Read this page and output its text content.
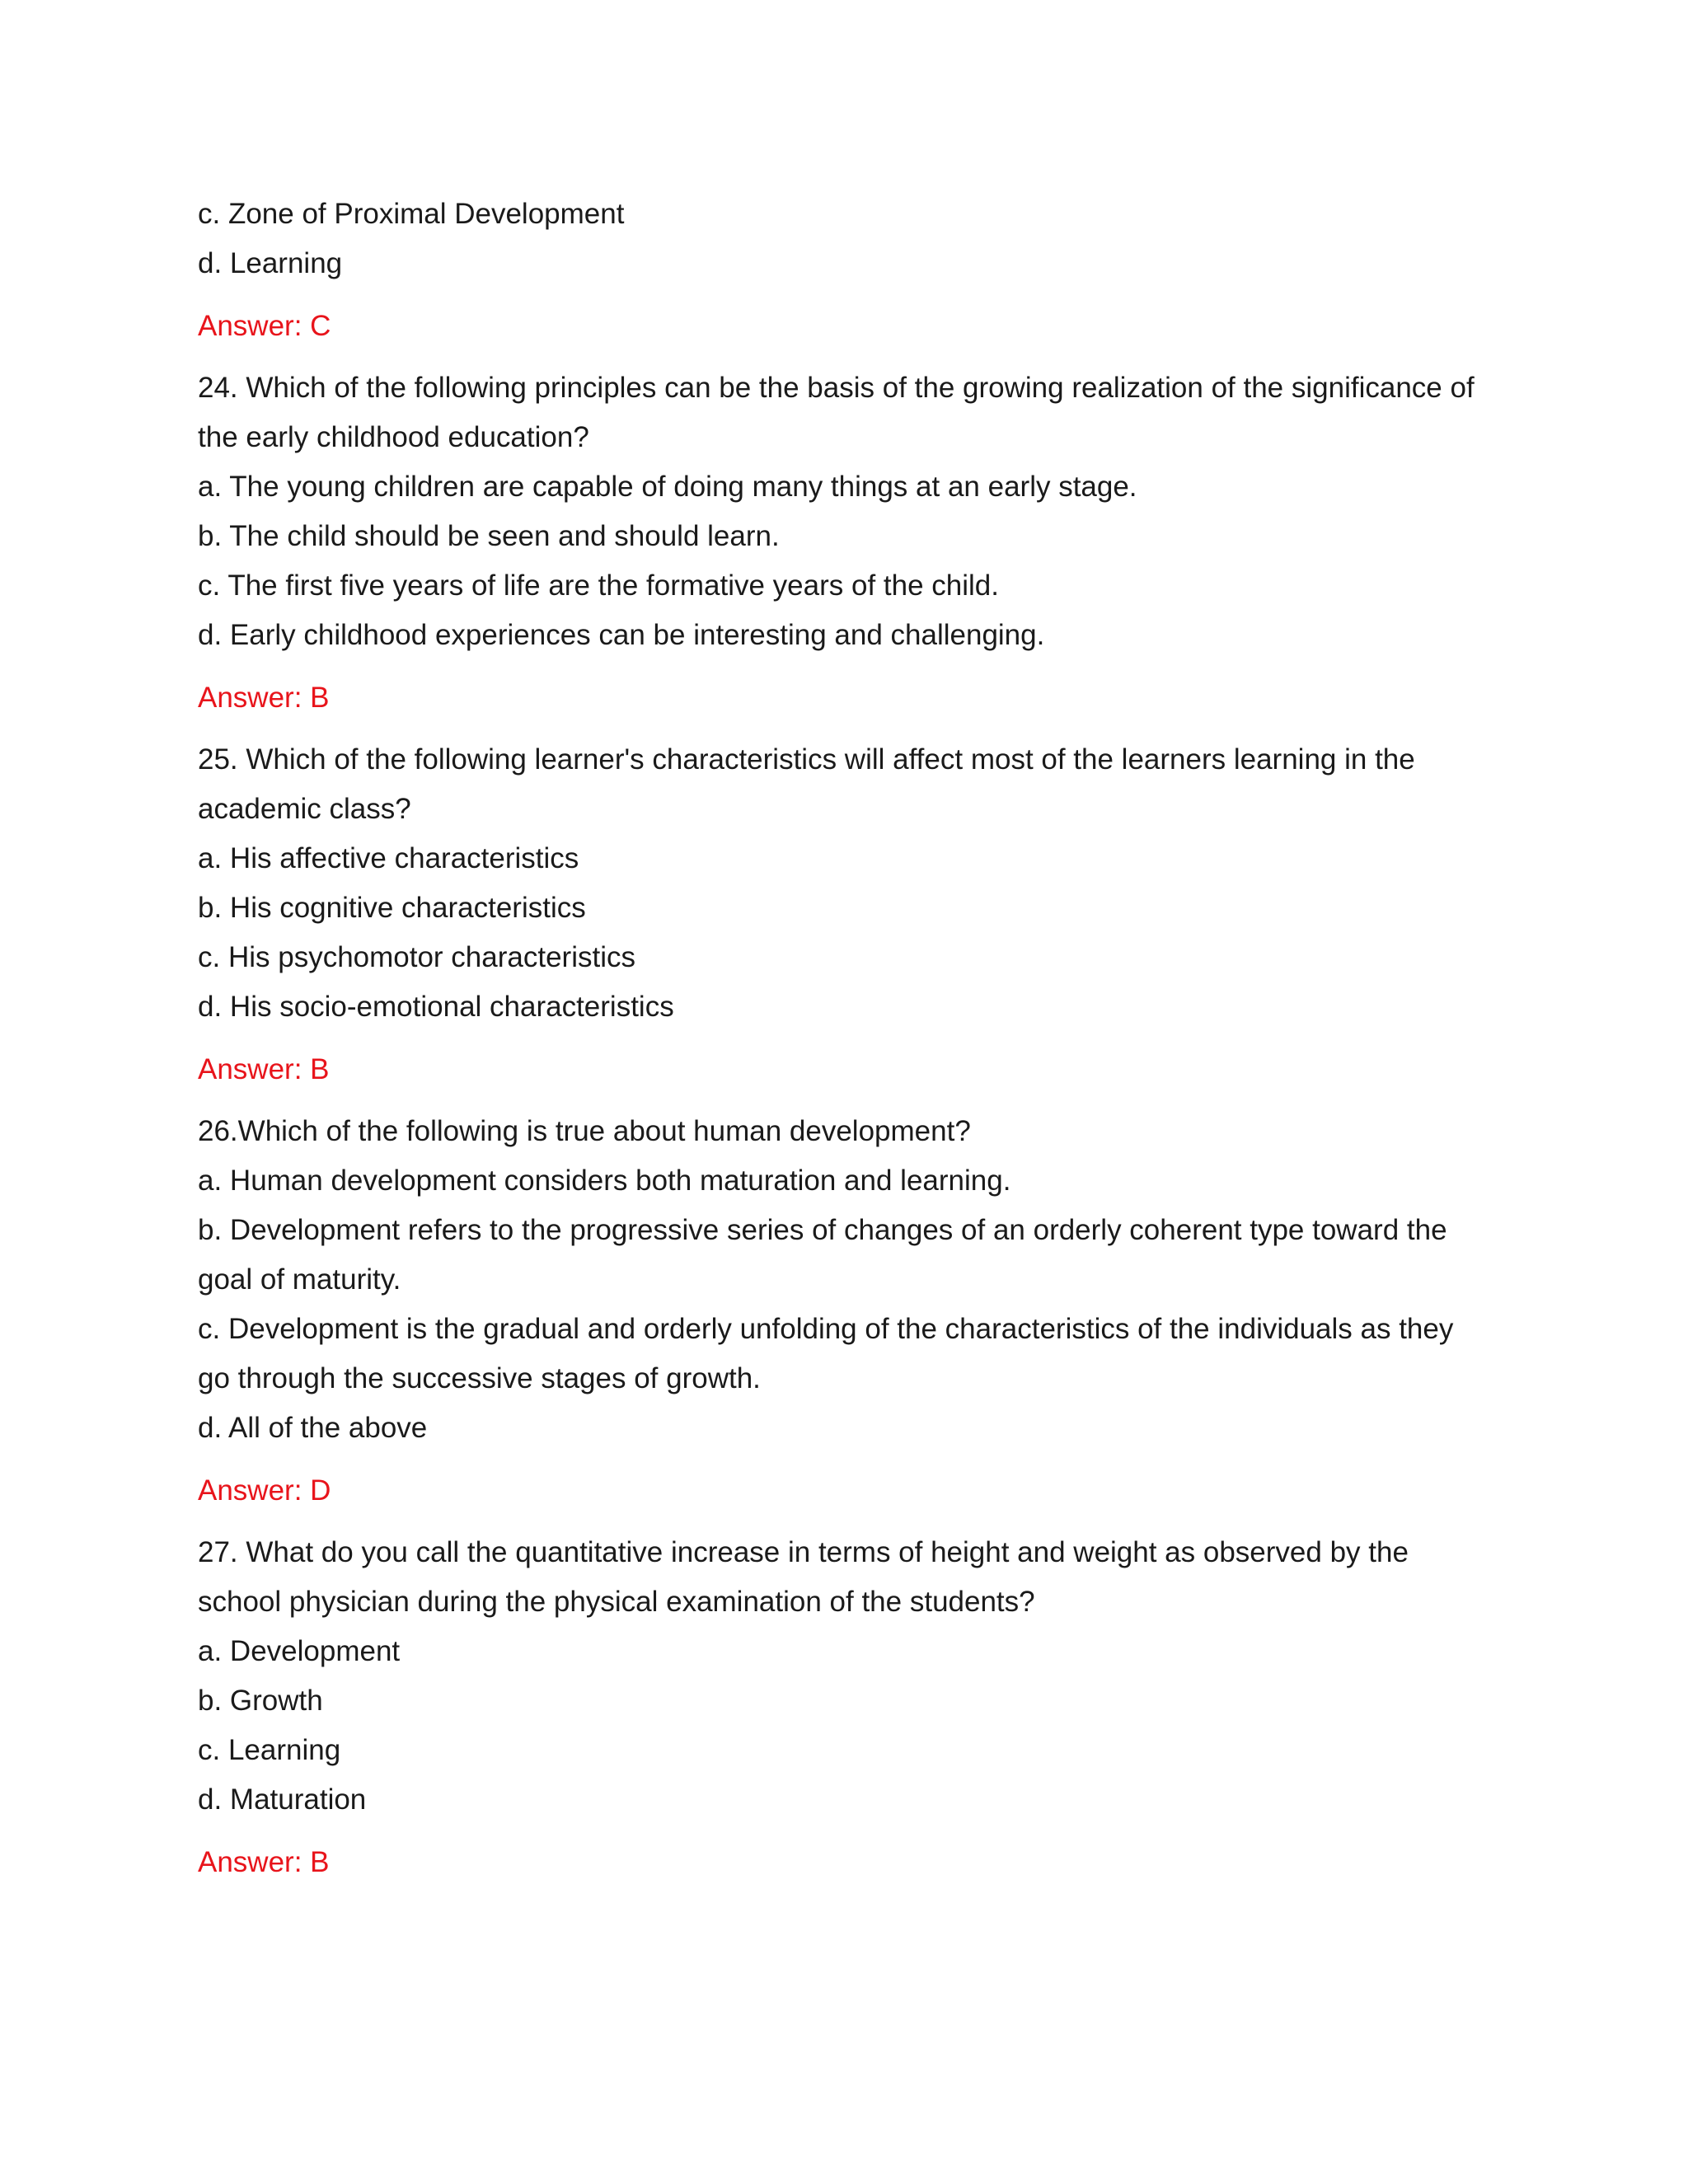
c. Zone of Proximal Development
d. Learning
Answer: C
24. Which of the following principles can be the basis of the growing realization of the significance of
the early childhood education?
a. The young children are capable of doing many things at an early stage.
b. The child should be seen and should learn.
c. The first five years of life are the formative years of the child.
d. Early childhood experiences can be interesting and challenging.
Answer: B
25. Which of the following learner's characteristics will affect most of the learners learning in the
academic class?
a. His affective characteristics
b. His cognitive characteristics
c. His psychomotor characteristics
d. His socio-emotional characteristics
Answer: B
26.Which of the following is true about human development?
a. Human development considers both maturation and learning.
b. Development refers to the progressive series of changes of an orderly coherent type toward the
goal of maturity.
c. Development is the gradual and orderly unfolding of the characteristics of the individuals as they
go through the successive stages of growth.
d. All of the above
Answer: D
27. What do you call the quantitative increase in terms of height and weight as observed by the
school physician during the physical examination of the students?
a. Development
b. Growth
c. Learning
d. Maturation
Answer: B
